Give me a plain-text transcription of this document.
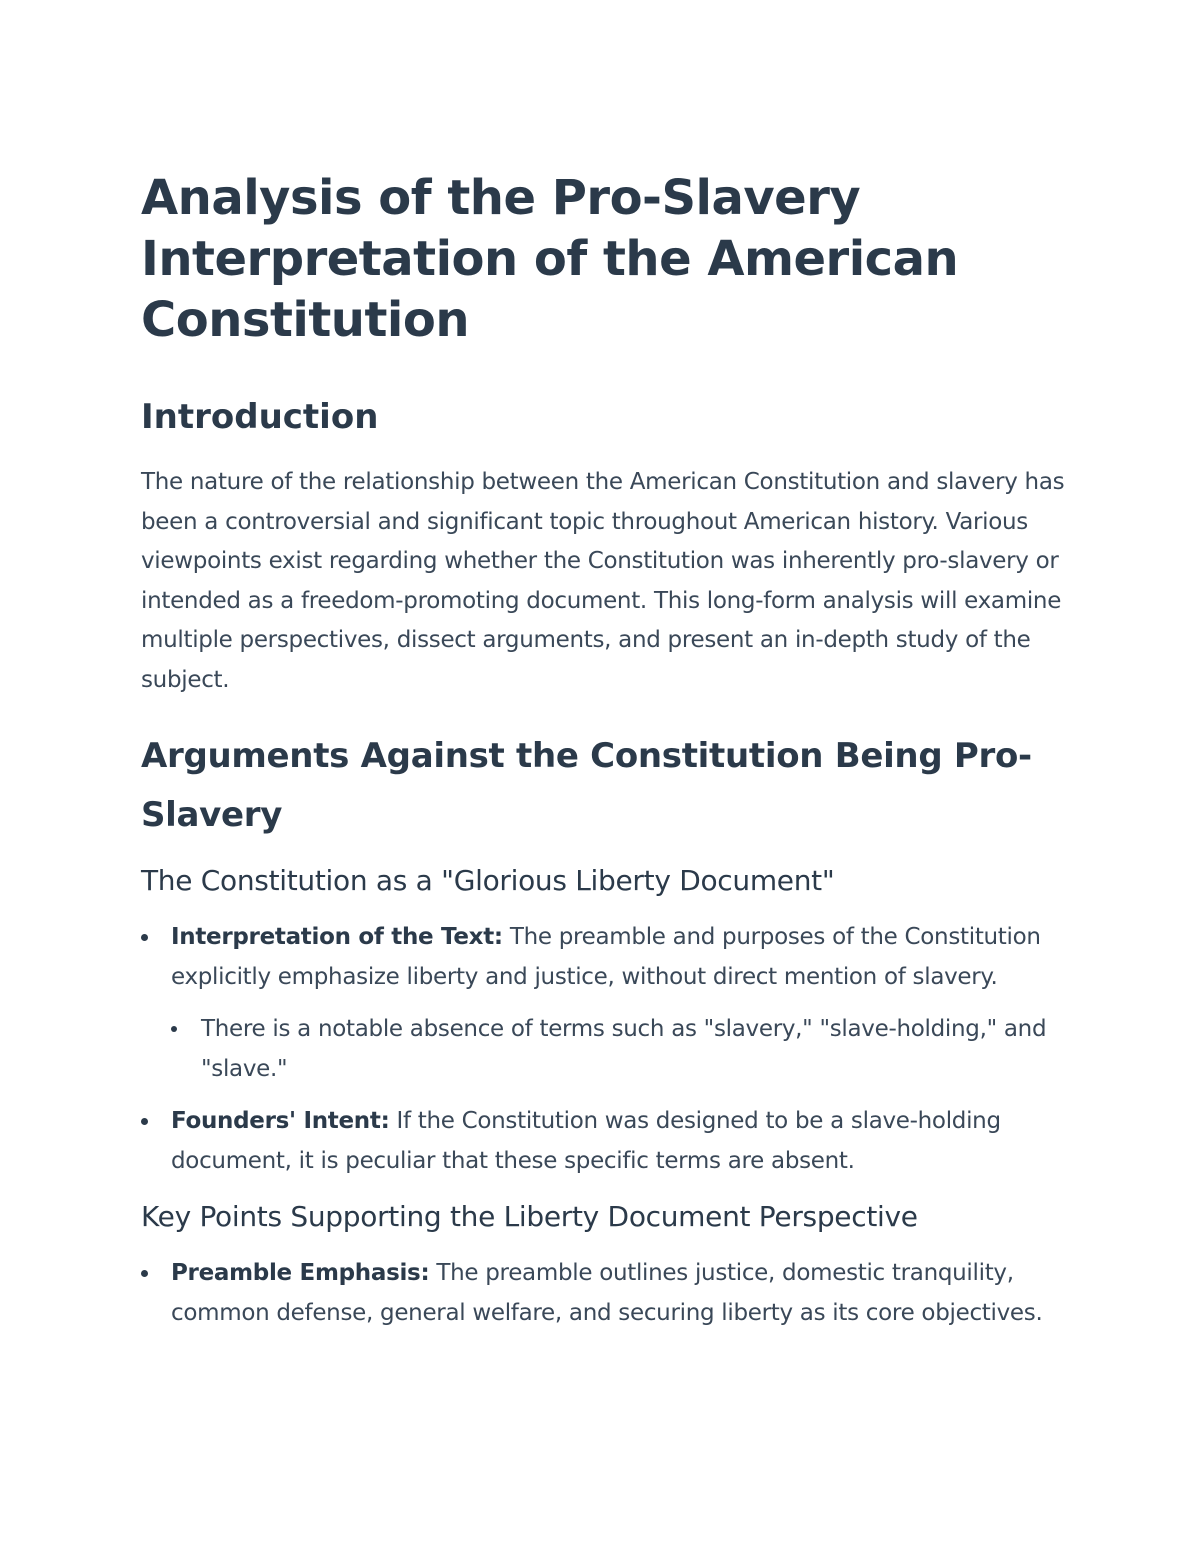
Analysis of the Pro-Slavery Interpretation of the American Constitution
Introduction

The nature of the relationship between the American Constitution and slavery has been a controversial and significant topic throughout American history. Various viewpoints exist regarding whether the Constitution was inherently pro-slavery or intended as a freedom-promoting document. This long-form analysis will examine multiple perspectives, dissect arguments, and present an in-depth study of the subject.

Arguments Against the Constitution Being Pro-Slavery
The Constitution as a "Glorious Liberty Document"
Interpretation of the Text: The preamble and purposes of the Constitution explicitly emphasize liberty and justice, without direct mention of slavery.
There is a notable absence of terms such as "slavery," "slave-holding," and "slave."
Founders' Intent: If the Constitution was designed to be a slave-holding document, it is peculiar that these specific terms are absent.
Key Points Supporting the Liberty Document Perspective
Preamble Emphasis: The preamble outlines justice, domestic tranquility, common defense, general welfare, and securing liberty as its core objectives.
